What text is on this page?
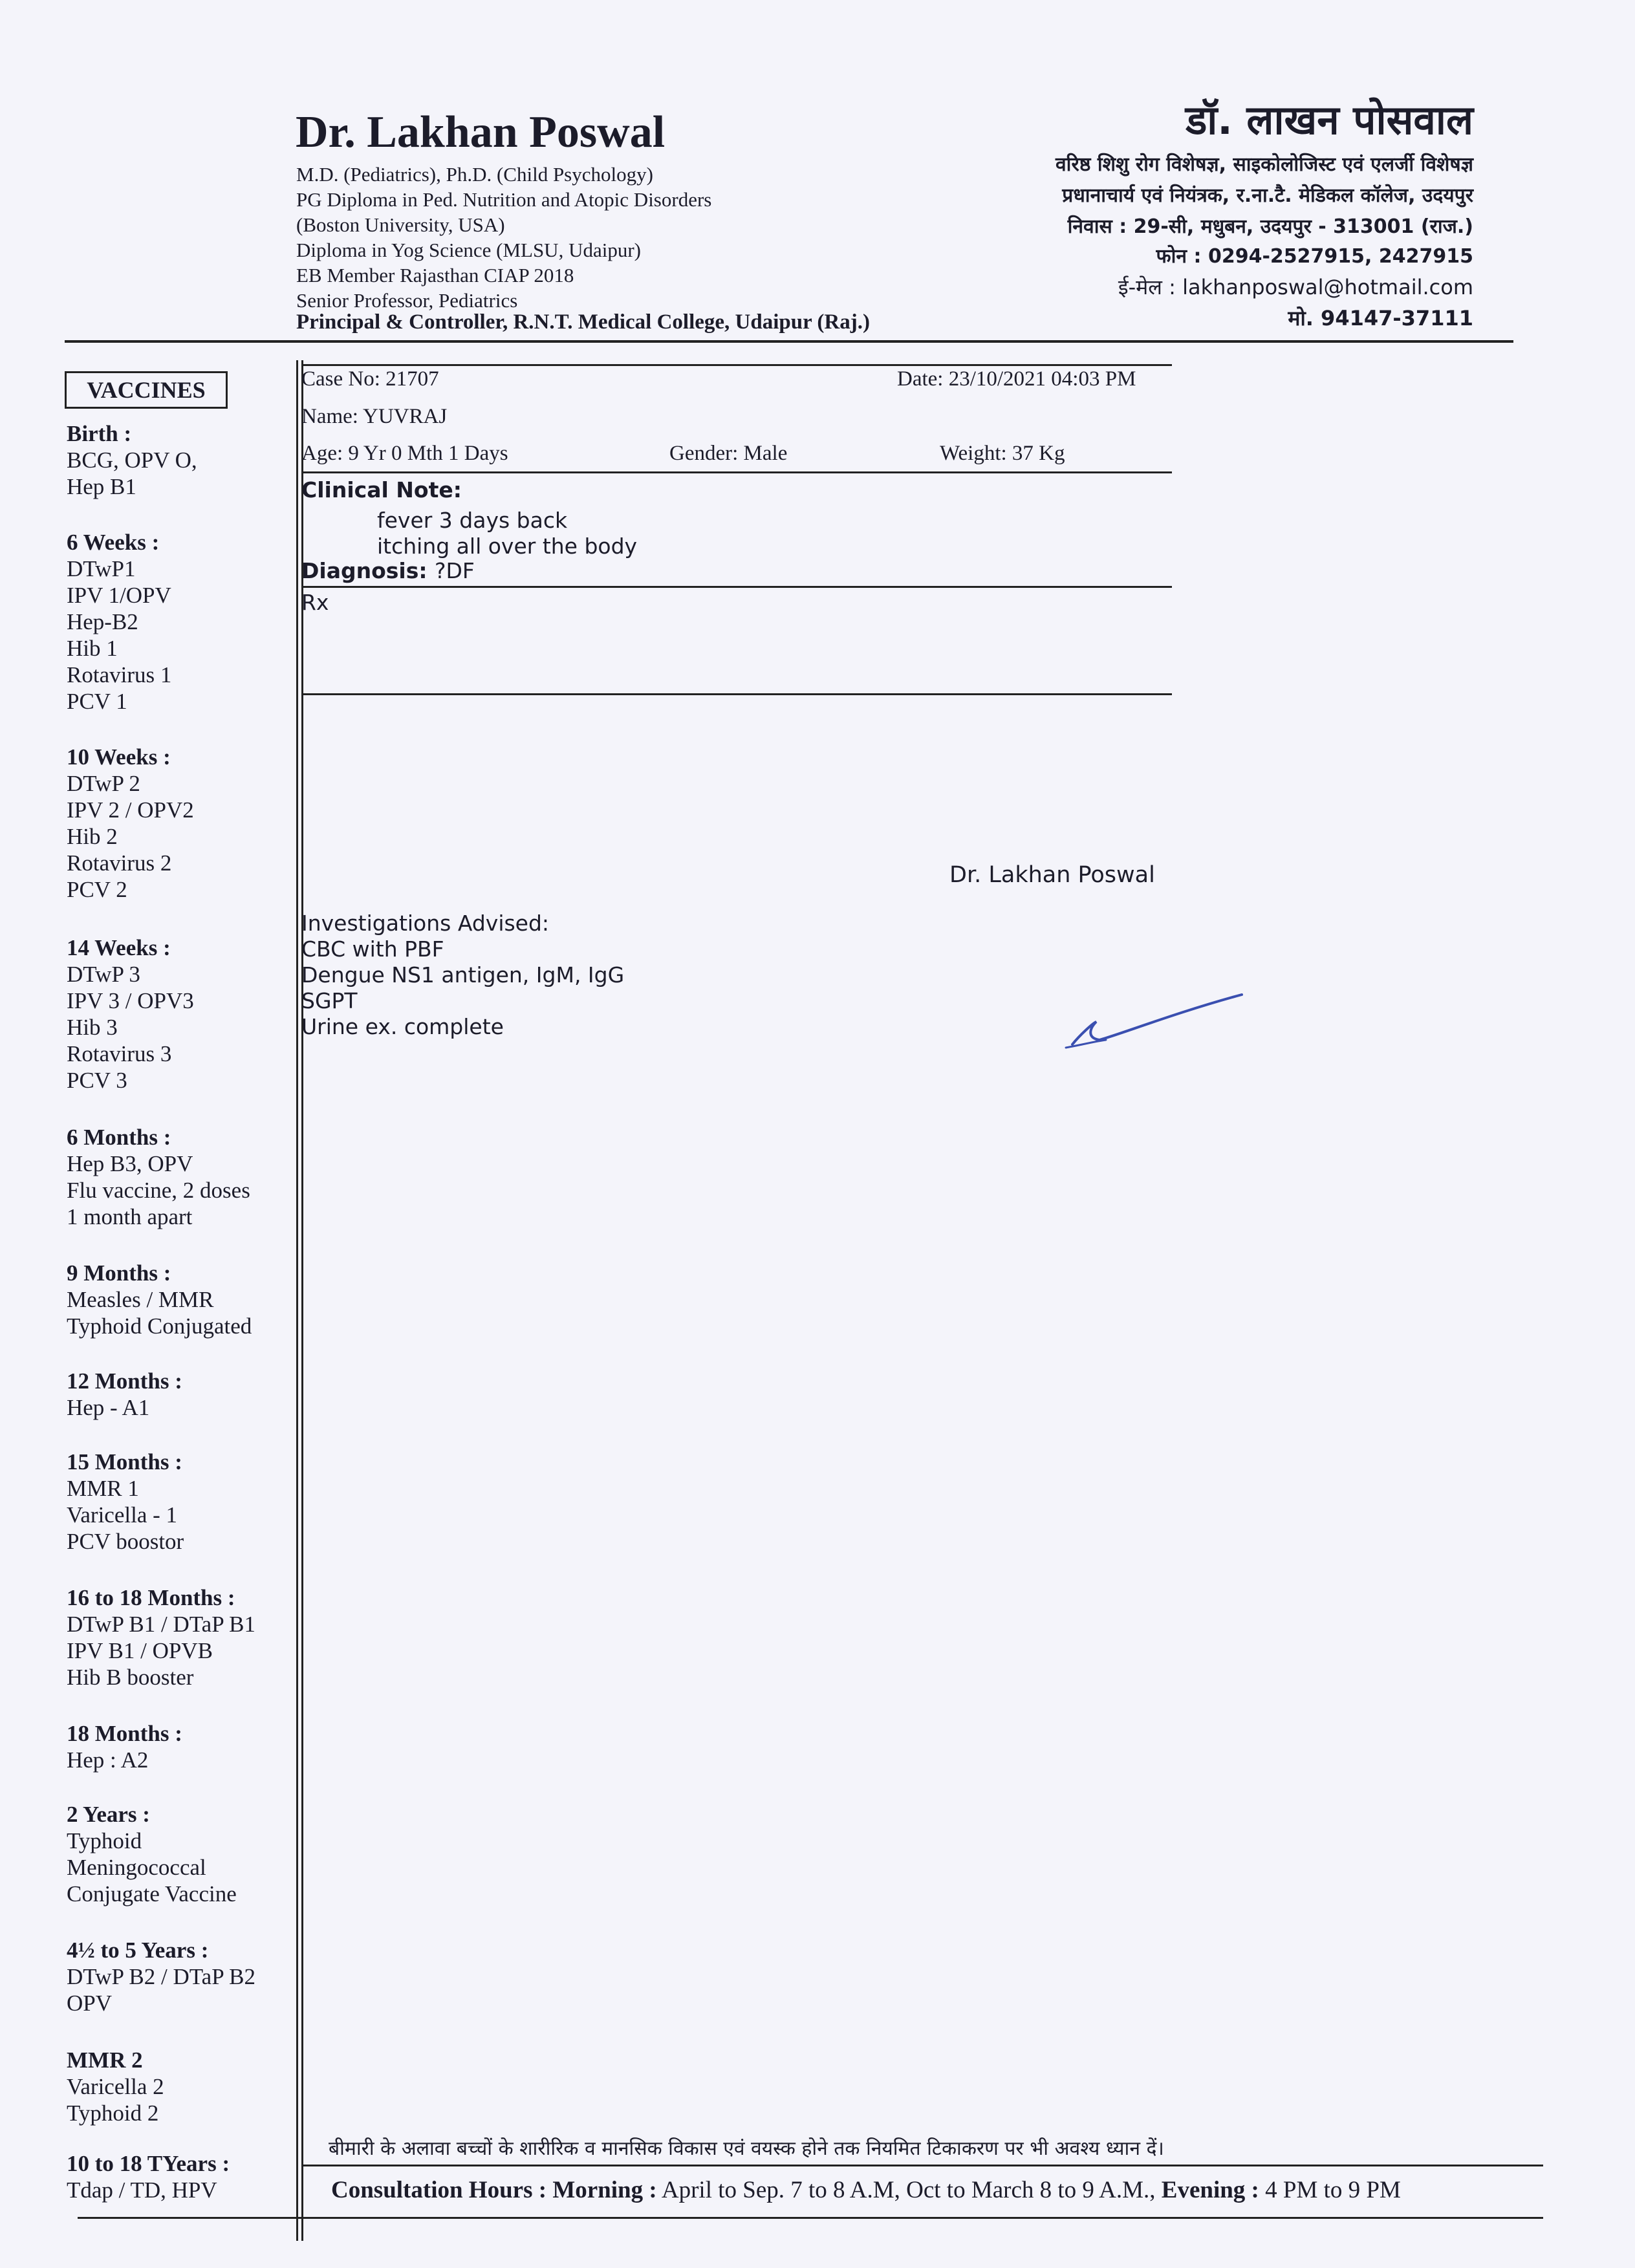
Dr. Lakhan Poswal
M.D. (Pediatrics), Ph.D. (Child Psychology)
PG Diploma in Ped. Nutrition and Atopic Disorders
(Boston University, USA)
Diploma in Yog Science (MLSU, Udaipur)
EB Member Rajasthan CIAP 2018
Senior Professor, Pediatrics
Principal & Controller, R.N.T. Medical College, Udaipur (Raj.)
डॉ. लाखन पोसवाल
वरिष्ठ शिशु रोग विशेषज्ञ, साइकोलोजिस्ट एवं एलर्जी विशेषज्ञ
प्रधानाचार्य एवं नियंत्रक, र.ना.टै. मेडिकल कॉलेज, उदयपुर
निवास : 29-सी, मधुबन, उदयपुर - 313001 (राज.)
फोन : 0294-2527915, 2427915
ई-मेल : lakhanposwal@hotmail.com
मो. 94147-37111
VACCINES
Birth :
BCG, OPV O,
Hep B1
6 Weeks :
DTwP1
IPV 1/OPV
Hep-B2
Hib 1
Rotavirus 1
PCV 1
10 Weeks :
DTwP 2
IPV 2 / OPV2
Hib 2
Rotavirus 2
PCV 2
14 Weeks :
DTwP 3
IPV 3 / OPV3
Hib 3
Rotavirus 3
PCV 3
6 Months :
Hep B3, OPV
Flu vaccine, 2 doses
1 month apart
9 Months :
Measles / MMR
Typhoid Conjugated
12 Months :
Hep - A1
15 Months :
MMR 1
Varicella - 1
PCV boostor
16 to 18 Months :
DTwP B1 / DTaP B1
IPV B1 / OPVB
Hib B booster
18 Months :
Hep : A2
2 Years :
Typhoid
Meningococcal
Conjugate Vaccine
4½ to 5 Years :
DTwP B2 / DTaP B2
OPV
MMR 2
Varicella 2
Typhoid 2
10 to 18 TYears :
Tdap / TD, HPV
Case No: 21707	Date: 23/10/2021 04:03 PM
Name: YUVRAJ
Age: 9 Yr 0 Mth 1 Days	Gender: Male	Weight: 37 Kg
Clinical Note:
fever 3 days back
itching all over the body
Diagnosis: ?DF
Rx
Dr. Lakhan Poswal
Investigations Advised:
CBC with PBF
Dengue NS1 antigen, IgM, IgG
SGPT
Urine ex. complete
बीमारी के अलावा बच्चों के शारीरिक व मानसिक विकास एवं वयस्क होने तक नियमित टिकाकरण पर भी अवश्य ध्यान दें।
Consultation Hours : Morning : April to Sep. 7 to 8 A.M, Oct to March 8 to 9 A.M., Evening : 4 PM to 9 PM
